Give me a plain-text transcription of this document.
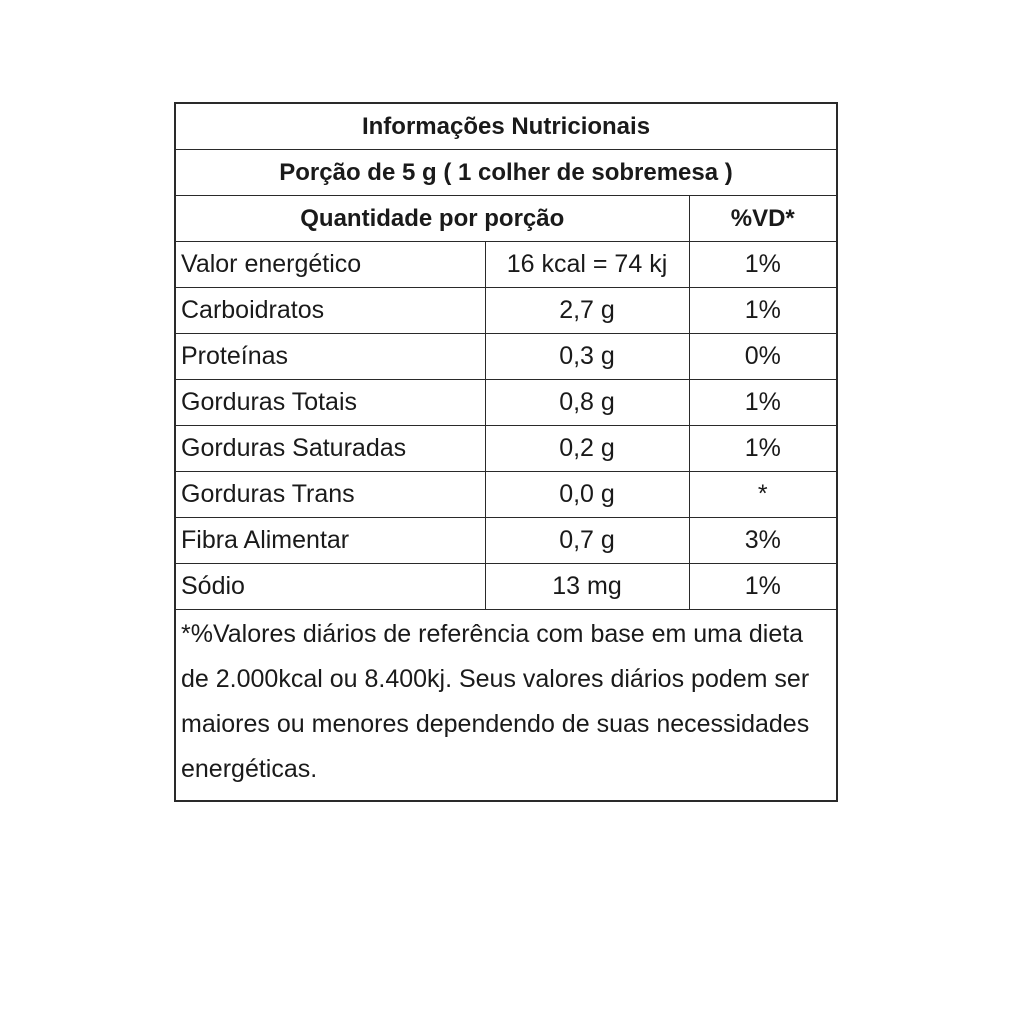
Informações Nutricionais		
Porção de 5 g ( 1 colher de sobremesa )		
Quantidade por porção		%VD*
Valor energético	16 kcal = 74 kj	1%
Carboidratos	2,7 g	1%
Proteínas	0,3 g	0%
Gorduras Totais	0,8 g	1%
Gorduras Saturadas	0,2 g	1%
Gorduras Trans	0,0 g	*
Fibra Alimentar	0,7 g	3%
Sódio	13 mg	1%
*%Valores diários de referência com base em uma dieta de 2.000kcal ou 8.400kj. Seus valores diários podem ser maiores ou menores dependendo de suas necessidades energéticas.		
